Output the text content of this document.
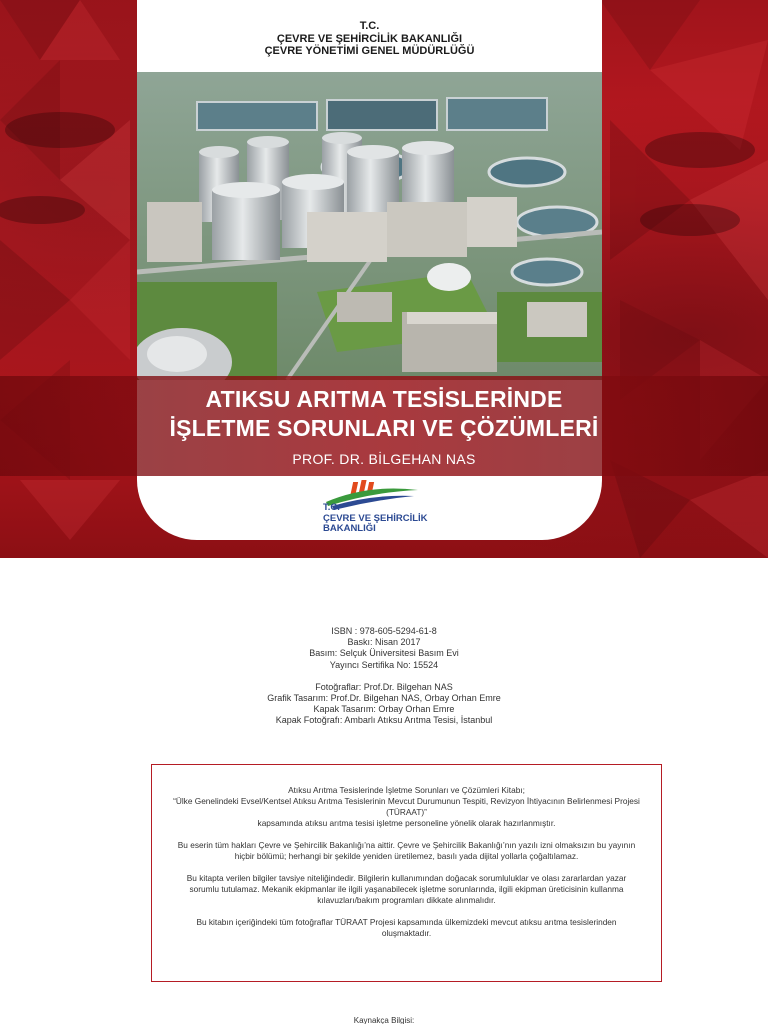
T.C.
ÇEVRE VE ŞEHİRCİLİK BAKANLIĞI
ÇEVRE YÖNETİMİ GENEL MÜDÜRLÜĞÜ
ATIKSU ARITMA TESİSLERİNDE
İŞLETME SORUNLARI VE ÇÖZÜMLERİ
PROF. DR. BİLGEHAN NAS
T.C.
ÇEVRE VE ŞEHİRCİLİK
BAKANLIĞI
ISBN : 978-605-5294-61-8
Baskı: Nisan 2017
Basım: Selçuk Üniversitesi Basım Evi
Yayıncı Sertifika No: 15524
Fotoğraflar: Prof.Dr. Bilgehan NAS
Grafik Tasarım: Prof.Dr. Bilgehan NAS, Orbay Orhan Emre
Kapak Tasarım: Orbay Orhan Emre
Kapak Fotoğrafı: Ambarlı Atıksu Arıtma Tesisi, İstanbul

Atıksu Arıtma Tesislerinde İşletme Sorunları ve Çözümleri Kitabı;
“Ülke Genelindeki Evsel/Kentsel Atıksu Arıtma Tesislerinin Mevcut Durumunun Tespiti, Revizyon İhtiyacının Belirlenmesi Projesi (TÜRAAT)”
kapsamında atıksu arıtma tesisi işletme personeline yönelik olarak hazırlanmıştır.

Bu eserin tüm hakları Çevre ve Şehircilik Bakanlığı’na aittir. Çevre ve Şehircilik Bakanlığı’nın yazılı izni olmaksızın bu yayının hiçbir bölümü; herhangi bir şekilde yeniden üretilemez, basılı yada dijital yollarla çoğaltılamaz.

Bu kitapta verilen bilgiler tavsiye niteliğindedir. Bilgilerin kullanımından doğacak sorumluluklar ve olası zararlardan yazar sorumlu tutulamaz. Mekanik ekipmanlar ile ilgili yaşanabilecek işletme sorunlarında, ilgili ekipman üreticisinin kullanma kılavuzları/bakım programları dikkate alınmalıdır.

Bu kitabın içeriğindeki tüm fotoğraflar TÜRAAT Projesi kapsamında ülkemizdeki mevcut atıksu arıtma tesislerinden oluşmaktadır.

Kaynakça Bilgisi:
